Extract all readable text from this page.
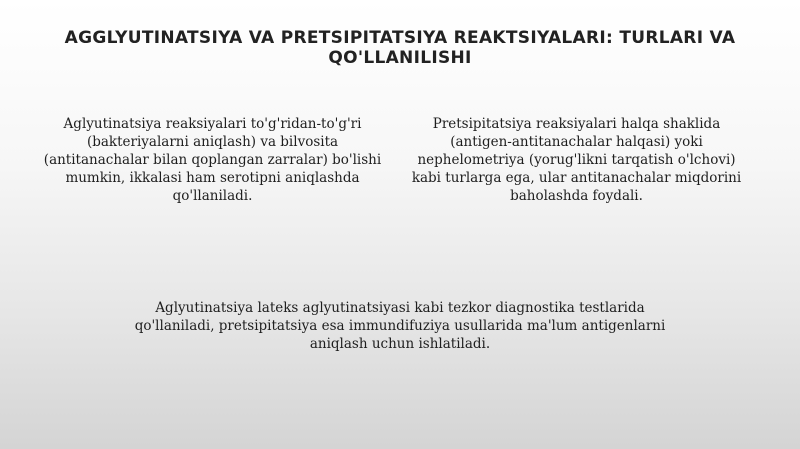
AGGLYUTINATSIYA VA PRETSIPITATSIYA REAKTSIYALARI: TURLARI VA QO'LLANILISHI
Aglyutinatsiya reaksiyalari to'g'ridan-to'g'ri (bakteriyalarni aniqlash) va bilvosita (antitanachalar bilan qoplangan zarralar) bo'lishi mumkin, ikkalasi ham serotipni aniqlashda qo'llaniladi.
Pretsipitatsiya reaksiyalari halqa shaklida (antigen-antitanachalar halqasi) yoki nephelometriya (yorug'likni tarqatish o'lchovi) kabi turlarga ega, ular antitanachalar miqdorini baholashda foydali.
Aglyutinatsiya lateks aglyutinatsiyasi kabi tezkor diagnostika testlarida qo'llaniladi, pretsipitatsiya esa immundifuziya usullarida ma'lum antigenlarni aniqlash uchun ishlatiladi.
